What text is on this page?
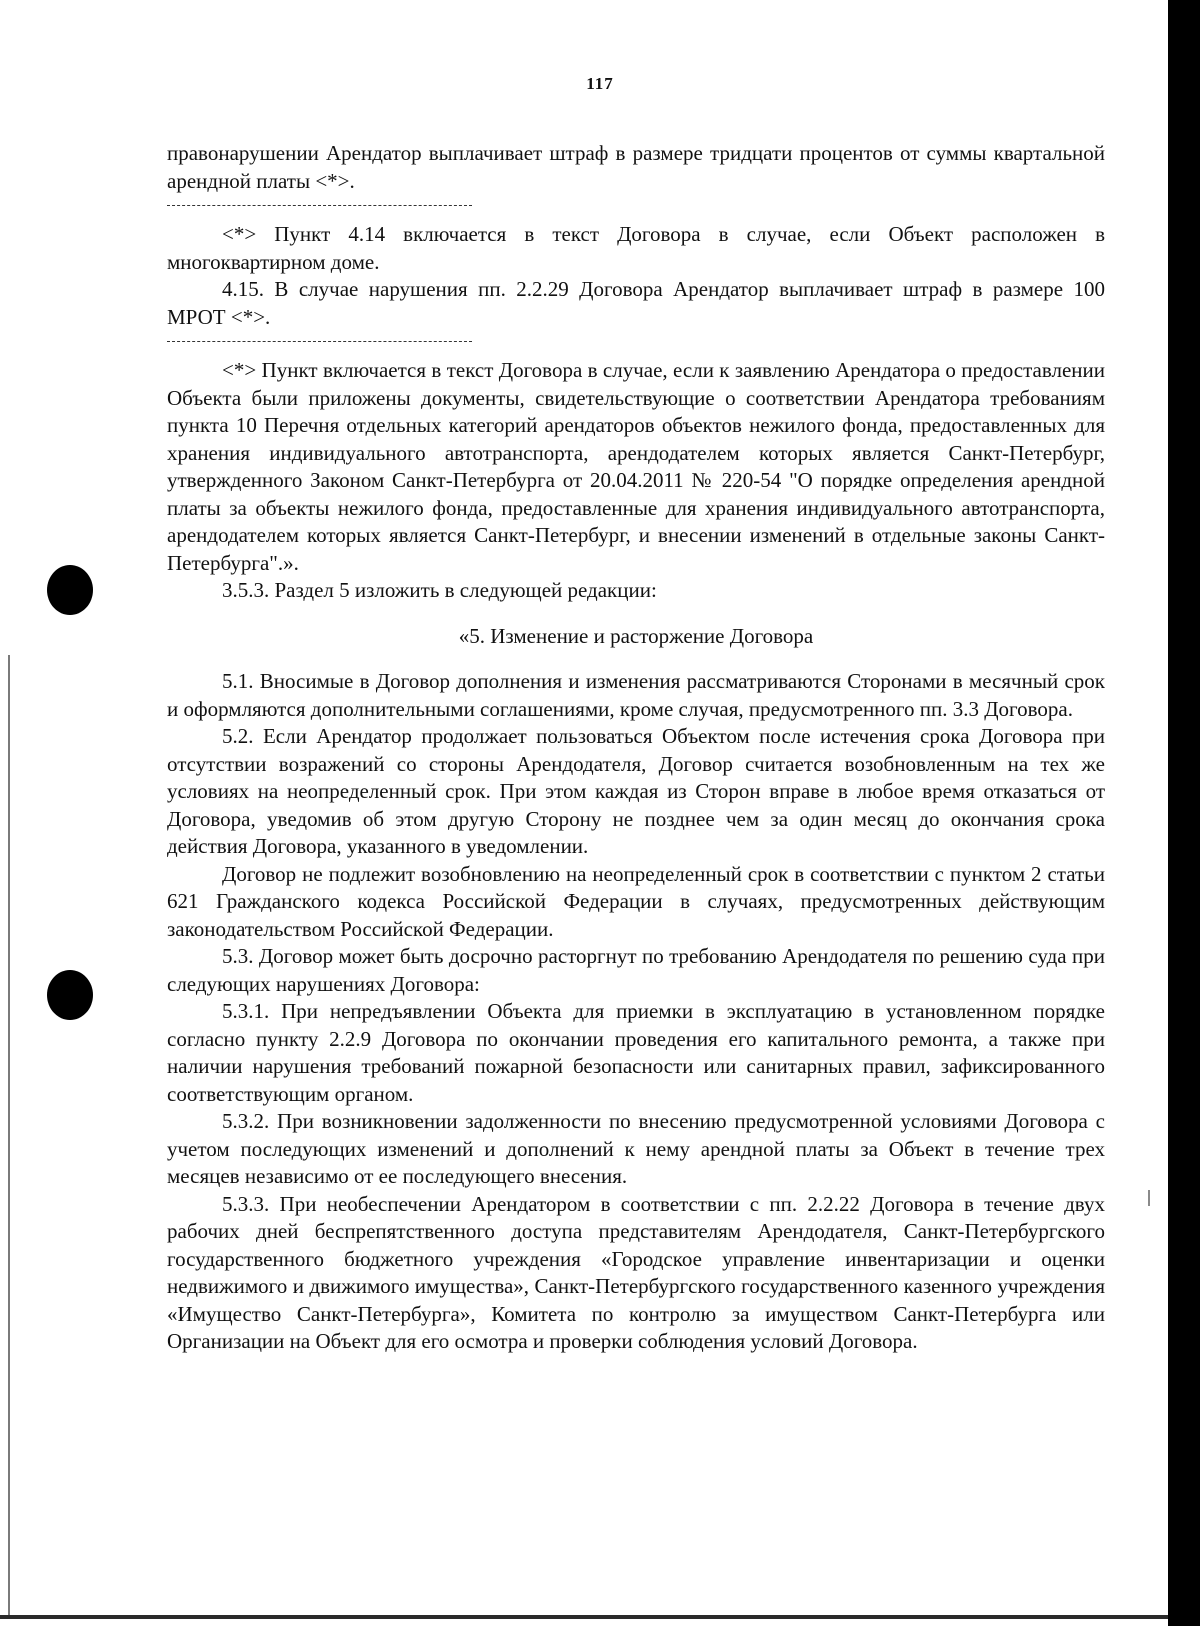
117

правонарушении Арендатор выплачивает штраф в размере тридцати процентов от суммы квартальной арендной платы <*>.

<*> Пункт 4.14 включается в текст Договора в случае, если Объект расположен в многоквартирном доме.

4.15. В случае нарушения пп. 2.2.29 Договора Арендатор выплачивает штраф в размере 100 МРОТ <*>.

<*> Пункт включается в текст Договора в случае, если к заявлению Арендатора о предоставлении Объекта были приложены документы, свидетельствующие о соответствии Арендатора требованиям пункта 10 Перечня отдельных категорий арендаторов объектов нежилого фонда, предоставленных для хранения индивидуального автотранспорта, арендодателем которых является Санкт-Петербург, утвержденного Законом Санкт-Петербурга от 20.04.2011 № 220-54 "О порядке определения арендной платы за объекты нежилого фонда, предоставленные для хранения индивидуального автотранспорта, арендодателем которых является Санкт-Петербург, и внесении изменений в отдельные законы Санкт-Петербурга".».

3.5.3. Раздел 5 изложить в следующей редакции:

«5. Изменение и расторжение Договора

5.1. Вносимые в Договор дополнения и изменения рассматриваются Сторонами в месячный срок и оформляются дополнительными соглашениями, кроме случая, предусмотренного пп. 3.3 Договора.

5.2. Если Арендатор продолжает пользоваться Объектом после истечения срока Договора при отсутствии возражений со стороны Арендодателя, Договор считается возобновленным на тех же условиях на неопределенный срок. При этом каждая из Сторон вправе в любое время отказаться от Договора, уведомив об этом другую Сторону не позднее чем за один месяц до окончания срока действия Договора, указанного в уведомлении.

Договор не подлежит возобновлению на неопределенный срок в соответствии с пунктом 2 статьи 621 Гражданского кодекса Российской Федерации в случаях, предусмотренных действующим законодательством Российской Федерации.

5.3. Договор может быть досрочно расторгнут по требованию Арендодателя по решению суда при следующих нарушениях Договора:

5.3.1. При непредъявлении Объекта для приемки в эксплуатацию в установленном порядке согласно пункту 2.2.9 Договора по окончании проведения его капитального ремонта, а также при наличии нарушения требований пожарной безопасности или санитарных правил, зафиксированного соответствующим органом.

5.3.2. При возникновении задолженности по внесению предусмотренной условиями Договора с учетом последующих изменений и дополнений к нему арендной платы за Объект в течение трех месяцев независимо от ее последующего внесения.

5.3.3. При необеспечении Арендатором в соответствии с пп. 2.2.22 Договора в течение двух рабочих дней беспрепятственного доступа представителям Арендодателя, Санкт-Петербургского государственного бюджетного учреждения «Городское управление инвентаризации и оценки недвижимого и движимого имущества», Санкт-Петербургского государственного казенного учреждения «Имущество Санкт-Петербурга», Комитета по контролю за имуществом Санкт-Петербурга или Организации на Объект для его осмотра и проверки соблюдения условий Договора.
